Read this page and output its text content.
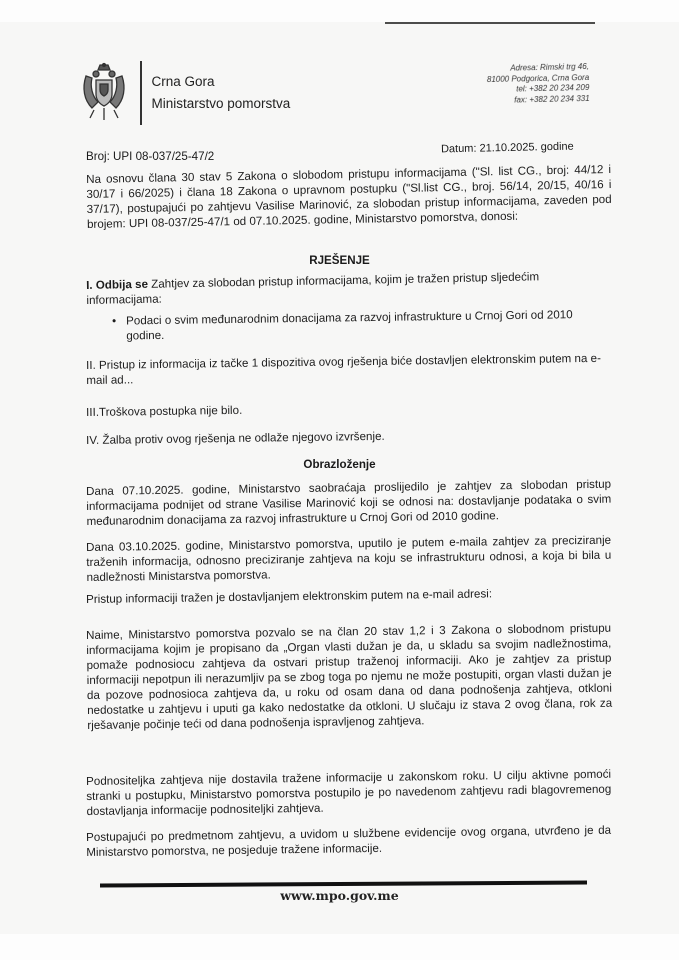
Crna Gora
Ministarstvo pomorstva
Adresa: Rimski trg 46,
81000 Podgorica, Crna Gora
tel: +382 20 234 209
fax: +382 20 234 331
Broj: UPI 08-037/25-47/2
Datum: 21.10.2025. godine
Na osnovu člana 30 stav 5 Zakona o slobodom pristupu informacijama ("Sl. list CG., broj: 44/12 i 30/17 i 66/2025) i člana 18 Zakona o upravnom postupku ("Sl.list CG., broj. 56/14, 20/15, 40/16 i 37/17), postupajući po zahtjevu Vasilise Marinović, za slobodan pristup informacijama, zaveden pod brojem: UPI 08-037/25-47/1 od 07.10.2025. godine, Ministarstvo pomorstva, donosi:
RJEŠENJE
I. Odbija se Zahtjev za slobodan pristup informacijama, kojim je tražen pristup sljedećim informacijama:
• Podaci o svim međunarodnim donacijama za razvoj infrastrukture u Crnoj Gori od 2010 godine.
II. Pristup iz informacija iz tačke 1 dispozitiva ovog rješenja biće dostavljen elektronskim putem na e-mail ad...
III.Troškova postupka nije bilo.
IV. Žalba protiv ovog rješenja ne odlaže njegovo izvršenje.
Obrazloženje
Dana 07.10.2025. godine, Ministarstvo saobraćaja proslijedilo je zahtjev za slobodan pristup informacijama podnijet od strane Vasilise Marinović koji se odnosi na: dostavljanje podataka o svim međunarodnim donacijama za razvoj infrastrukture u Crnoj Gori od 2010 godine.
Dana 03.10.2025. godine, Ministarstvo pomorstva, uputilo je putem e-maila zahtjev za preciziranje traženih informacija, odnosno preciziranje zahtjeva na koju se infrastrukturu odnosi, a koja bi bila u nadležnosti Ministarstva pomorstva.
Pristup informaciji tražen je dostavljanjem elektronskim putem na e-mail adresi:
Naime, Ministarstvo pomorstva pozvalo se na član 20 stav 1,2 i 3 Zakona o slobodnom pristupu informacijama kojim je propisano da „Organ vlasti dužan je da, u skladu sa svojim nadležnostima, pomaže podnosiocu zahtjeva da ostvari pristup traženoj informaciji. Ako je zahtjev za pristup informaciji nepotpun ili nerazumljiv pa se zbog toga po njemu ne može postupiti, organ vlasti dužan je da pozove podnosioca zahtjeva da, u roku od osam dana od dana podnošenja zahtjeva, otkloni nedostatke u zahtjevu i uputi ga kako nedostatke da otkloni. U slučaju iz stava 2 ovog člana, rok za rješavanje počinje teći od dana podnošenja ispravljenog zahtjeva.
Podnositeljka zahtjeva nije dostavila tražene informacije u zakonskom roku. U cilju aktivne pomoći stranki u postupku, Ministarstvo pomorstva postupilo je po navedenom zahtjevu radi blagovremenog dostavljanja informacije podnositeljki zahtjeva.
Postupajući po predmetnom zahtjevu, a uvidom u službene evidencije ovog organa, utvrđeno je da Ministarstvo pomorstva, ne posjeduje tražene informacije.
www.mpo.gov.me
